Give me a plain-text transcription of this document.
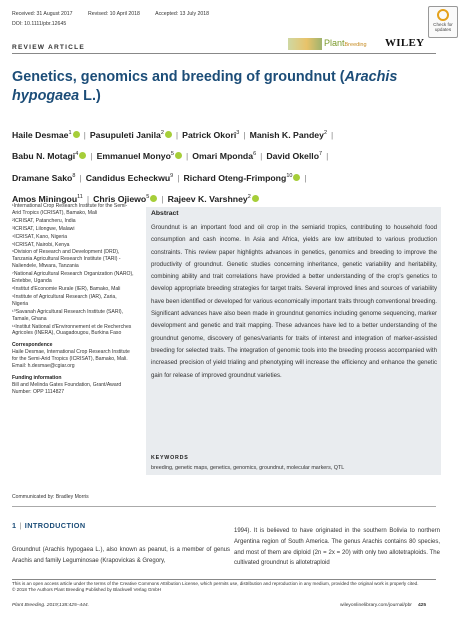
Received: 31 August 2017	Revised: 10 April 2018	Accepted: 13 July 2018
DOI: 10.1111/pbr.12645	Check for updates
REVIEW ARTICLE	PlantBreeding WILEY
Genetics, genomics and breeding of groundnut (Arachis hypogaea L.)
Haile Desmae$^1$ | Pasupuleti Janila$^2$ | Patrick Okori$^3$ | Manish K. Pandey$^2$ |
Babu N. Motagi$^4$ | Emmanuel Monyo$^5$ | Omari Mponda$^6$ | David Okello$^7$ |
Dramane Sako$^8$ | Candidus Echeckwu$^9$ | Richard Oteng-Frimpong$^{10}$ |
Amos Miningou$^{11}$ | Chris Ojiewo$^5$ | Rajeev K. Varshney$^2$
¹International Crop Research Institute for the Semi-Arid Tropics (ICRISAT), Bamako, Mali
²ICRISAT, Patancheru, India
³ICRISAT, Lilongwe, Malawi
⁴ICRISAT, Kano, Nigeria
⁵ICRISAT, Nairobi, Kenya
⁶Division of Research and Development (DRD), Tanzania Agricultural Research Institute (TARI) - Naliendele, Mtwara, Tanzania
⁷National Agricultural Research Organization (NARO), Entebbe, Uganda
⁸Institut d'Economie Rurale (IER), Bamako, Mali
⁹Institute of Agricultural Research (IAR), Zaria, Nigeria
¹⁰Savanah Agricultural Research Institute (SARI), Tamale, Ghana
¹¹Institut National d'Environnement et de Recherches Agricoles (INERA), Ouagadougou, Burkina Faso
Correspondence
Haile Desmae, International Crop Research Institute for the Semi-Arid Tropics (ICRISAT), Bamako, Mali.
Email: h.desmae@cgiar.org
Funding information
Bill and Melinda Gates Foundation, Grant/Award Number: OPP 1114827
Abstract
Groundnut is an important food and oil crop in the semiarid tropics, contributing to household food consumption and cash income. In Asia and Africa, yields are low attributed to various production constraints. This review paper highlights advances in genetics, genomics and breeding to improve the productivity of groundnut. Genetic studies concerning inheritance, genetic variability and heritability, combining ability and trait correlations have provided a better understanding of the crop's genetics to develop appropriate breeding strategies for target traits. Several improved lines and sources of variability have been identified or developed for various economically important traits through conventional breeding. Significant advances have also been made in groundnut genomics including genome sequencing, marker development and genetic and trait mapping. These advances have led to a better understanding of the groundnut genome, discovery of genes/variants for traits of interest and integration of marker-assisted breeding for selected traits. The integration of genomic tools into the breeding process accompanied with increased precision of yield trialing and phenotyping will increase the efficiency and enhance the genetic gain for release of improved groundnut varieties.
KEYWORDS
breeding, genetic maps, genetics, genomics, groundnut, molecular markers, QTL
Communicated by: Bradley Morris
1 | INTRODUCTION
Groundnut (Arachis hypogaea L.), also known as peanut, is a member of genus Arachis and family Leguminosae (Krapovickas & Gregory,
1994). It is believed to have originated in the southern Bolivia to northern Argentina region of South America. The genus Arachis contains 80 species, and most of them are diploid (2n = 2x = 20) with only two allotetraploids. The cultivated groundnut is allotetraploid
This is an open access article under the terms of the Creative Commons Attribution License, which permits use, distribution and reproduction in any medium, provided the original work is properly cited.
© 2018 The Authors Plant Breeding Published by Blackwell Verlag GmbH
Plant Breeding. 2019;138:425–444.	wileyonlinelibrary.com/journal/pbr 425
